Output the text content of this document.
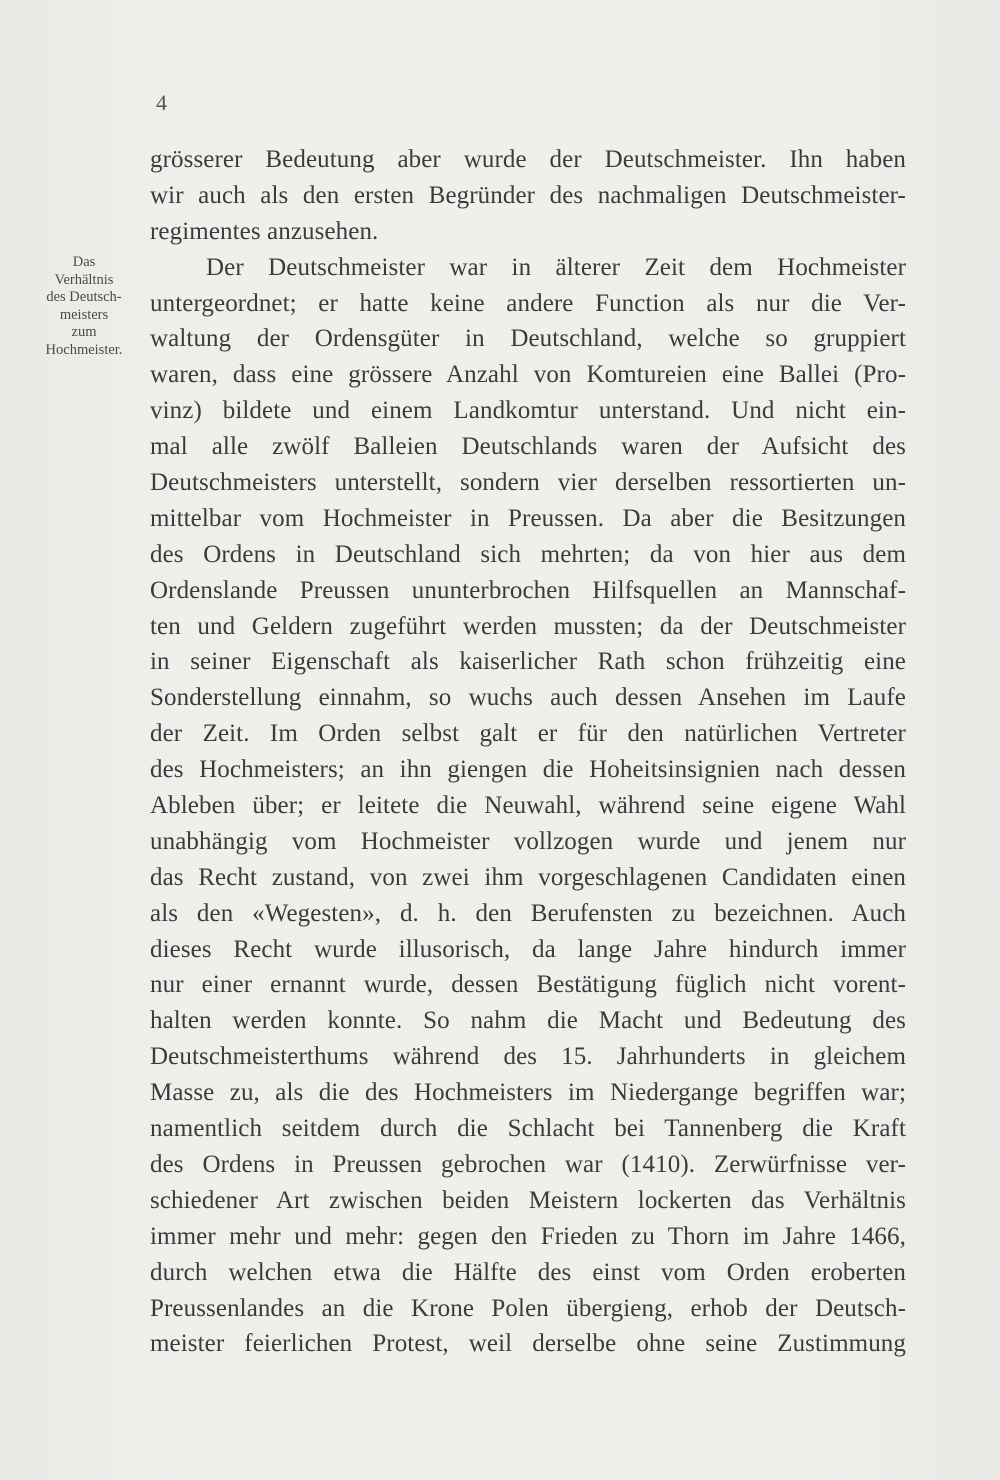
4
Das
Verhältnis
des Deutsch-
meisters
zum
Hochmeister.
grösserer Bedeutung aber wurde der Deutschmeister. Ihn haben
wir auch als den ersten Begründer des nachmaligen Deutschmeister-
regimentes anzusehen.
Der Deutschmeister war in älterer Zeit dem Hochmeister
untergeordnet; er hatte keine andere Function als nur die Ver-
waltung der Ordensgüter in Deutschland, welche so gruppiert
waren, dass eine grössere Anzahl von Komtureien eine Ballei (Pro-
vinz) bildete und einem Landkomtur unterstand. Und nicht ein-
mal alle zwölf Balleien Deutschlands waren der Aufsicht des
Deutschmeisters unterstellt, sondern vier derselben ressortierten un-
mittelbar vom Hochmeister in Preussen. Da aber die Besitzungen
des Ordens in Deutschland sich mehrten; da von hier aus dem
Ordenslande Preussen ununterbrochen Hilfsquellen an Mannschaf-
ten und Geldern zugeführt werden mussten; da der Deutschmeister
in seiner Eigenschaft als kaiserlicher Rath schon frühzeitig eine
Sonderstellung einnahm, so wuchs auch dessen Ansehen im Laufe
der Zeit. Im Orden selbst galt er für den natürlichen Vertreter
des Hochmeisters; an ihn giengen die Hoheitsinsignien nach dessen
Ableben über; er leitete die Neuwahl, während seine eigene Wahl
unabhängig vom Hochmeister vollzogen wurde und jenem nur
das Recht zustand, von zwei ihm vorgeschlagenen Candidaten einen
als den «Wegesten», d. h. den Berufensten zu bezeichnen. Auch
dieses Recht wurde illusorisch, da lange Jahre hindurch immer
nur einer ernannt wurde, dessen Bestätigung füglich nicht vorent-
halten werden konnte. So nahm die Macht und Bedeutung des
Deutschmeisterthums während des 15. Jahrhunderts in gleichem
Masse zu, als die des Hochmeisters im Niedergange begriffen war;
namentlich seitdem durch die Schlacht bei Tannenberg die Kraft
des Ordens in Preussen gebrochen war (1410). Zerwürfnisse ver-
schiedener Art zwischen beiden Meistern lockerten das Verhältnis
immer mehr und mehr: gegen den Frieden zu Thorn im Jahre 1466,
durch welchen etwa die Hälfte des einst vom Orden eroberten
Preussenlandes an die Krone Polen übergieng, erhob der Deutsch-
meister feierlichen Protest, weil derselbe ohne seine Zustimmung
